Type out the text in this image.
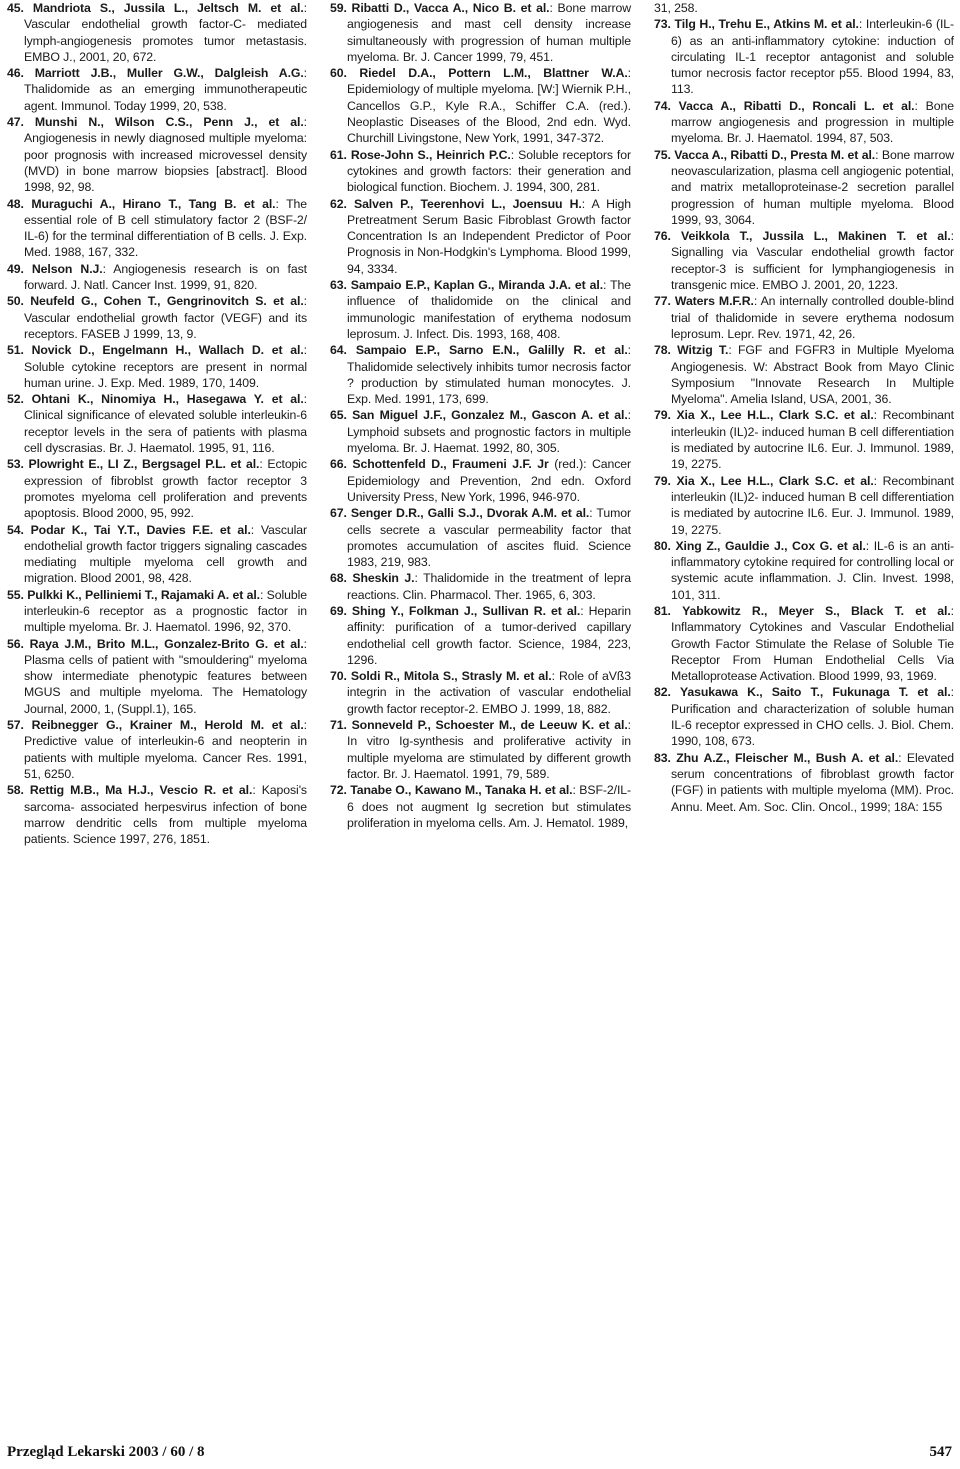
45. Mandriota S., Jussila L., Jeltsch M. et al.: Vascular endothelial growth factor-C- mediated lymph-angiogenesis promotes tumor metastasis. EMBO J., 2001, 20, 672.

46. Marriott J.B., Muller G.W., Dalgleish A.G.: Thalidomide as an emerging immunotherapeutic agent. Immunol. Today 1999, 20, 538.

47. Munshi N., Wilson C.S., Penn J., et al.: Angiogenesis in newly diagnosed multiple myeloma: poor prognosis with increased microvessel density (MVD) in bone marrow biopsies [abstract]. Blood 1998, 92, 98.

48. Muraguchi A., Hirano T., Tang B. et al.: The essential role of B cell stimulatory factor 2 (BSF-2/ IL-6) for the terminal differentiation of B cells. J. Exp. Med. 1988, 167, 332.

49. Nelson N.J.: Angiogenesis research is on fast forward. J. Natl. Cancer Inst. 1999, 91, 820.

50. Neufeld G., Cohen T., Gengrinovitch S. et al.: Vascular endothelial growth factor (VEGF) and its receptors. FASEB J 1999, 13, 9.

51. Novick D., Engelmann H., Wallach D. et al.: Soluble cytokine receptors are present in normal human urine. J. Exp. Med. 1989, 170, 1409.

52. Ohtani K., Ninomiya H., Hasegawa Y. et al.: Clinical significance of elevated soluble interleukin-6 receptor levels in the sera of patients with plasma cell dyscrasias. Br. J. Haematol. 1995, 91, 116.

53. Plowright E., LI Z., Bergsagel P.L. et al.: Ectopic expression of fibroblst growth factor receptor 3 promotes myeloma cell proliferation and prevents apoptosis. Blood 2000, 95, 992.

54. Podar K., Tai Y.T., Davies F.E. et al.: Vascular endothelial growth factor triggers signaling cascades mediating multiple myeloma cell growth and migration. Blood 2001, 98, 428.

55. Pulkki K., Pelliniemi T., Rajamaki A. et al.: Soluble interleukin-6 receptor as a prognostic factor in multiple myeloma. Br. J. Haematol. 1996, 92, 370.

56. Raya J.M., Brito M.L., Gonzalez-Brito G. et al.: Plasma cells of patient with "smouldering" myeloma show intermediate phenotypic features between MGUS and multiple myeloma. The Hematology Journal, 2000, 1, (Suppl.1), 165.

57. Reibnegger G., Krainer M., Herold M. et al.: Predictive value of interleukin-6 and neopterin in patients with multiple myeloma. Cancer Res. 1991, 51, 6250.

58. Rettig M.B., Ma H.J., Vescio R. et al.: Kaposi's sarcoma- associated herpesvirus infection of bone marrow dendritic cells from multiple myeloma patients. Science 1997, 276, 1851.

59. Ribatti D., Vacca A., Nico B. et al.: Bone marrow angiogenesis and mast cell density increase simultaneously with progression of human multiple myeloma. Br. J. Cancer 1999, 79, 451.

60. Riedel D.A., Pottern L.M., Blattner W.A.: Epidemiology of multiple myeloma. [W:] Wiernik P.H., Cancellos G.P., Kyle R.A., Schiffer C.A. (red.). Neoplastic Diseases of the Blood, 2nd edn. Wyd. Churchill Livingstone, New York, 1991, 347-372.

61. Rose-John S., Heinrich P.C.: Soluble receptors for cytokines and growth factors: their generation and biological function. Biochem. J. 1994, 300, 281.

62. Salven P., Teerenhovi L., Joensuu H.: A High Pretreatment Serum Basic Fibroblast Growth factor Concentration Is an Independent Predictor of Poor Prognosis in Non-Hodgkin's Lymphoma. Blood 1999, 94, 3334.

63. Sampaio E.P., Kaplan G., Miranda J.A. et al.: The influence of thalidomide on the clinical and immunologic manifestation of erythema nodosum leprosum. J. Infect. Dis. 1993, 168, 408.

64. Sampaio E.P., Sarno E.N., Galilly R. et al.: Thalidomide selectively inhibits tumor necrosis factor ? production by stimulated human monocytes. J. Exp. Med. 1991, 173, 699.

65. San Miguel J.F., Gonzalez M., Gascon A. et al.: Lymphoid subsets and prognostic factors in multiple myeloma. Br. J. Haemat. 1992, 80, 305.

66. Schottenfeld D., Fraumeni J.F. Jr (red.): Cancer Epidemiology and Prevention, 2nd edn. Oxford University Press, New York, 1996, 946-970.

67. Senger D.R., Galli S.J., Dvorak A.M. et al.: Tumor cells secrete a vascular permeability factor that promotes accumulation of ascites fluid. Science 1983, 219, 983.

68. Sheskin J.: Thalidomide in the treatment of lepra reactions. Clin. Pharmacol. Ther. 1965, 6, 303.

69. Shing Y., Folkman J., Sullivan R. et al.: Heparin affinity: purification of a tumor-derived capillary endothelial cell growth factor. Science, 1984, 223, 1296.

70. Soldi R., Mitola S., Strasly M. et al.: Role of aVß3 integrin in the activation of vascular endothelial growth factor receptor-2. EMBO J. 1999, 18, 882.

71. Sonneveld P., Schoester M., de Leeuw K. et al.: In vitro Ig-synthesis and proliferative activity in multiple myeloma are stimulated by different growth factor. Br. J. Haematol. 1991, 79, 589.

72. Tanabe O., Kawano M., Tanaka H. et al.: BSF-2/IL-6 does not augment Ig secretion but stimulates proliferation in myeloma cells. Am. J. Hematol. 1989,

31, 258.

73. Tilg H., Trehu E., Atkins M. et al.: Interleukin-6 (IL-6) as an anti-inflammatory cytokine: induction of circulating IL-1 receptor antagonist and soluble tumor necrosis factor receptor p55. Blood 1994, 83, 113.

74. Vacca A., Ribatti D., Roncali L. et al.: Bone marrow angiogenesis and progression in multiple myeloma. Br. J. Haematol. 1994, 87, 503.

75. Vacca A., Ribatti D., Presta M. et al.: Bone marrow neovascularization, plasma cell angiogenic potential, and matrix metalloproteinase-2 secretion parallel progression of human multiple myeloma. Blood 1999, 93, 3064.

76. Veikkola T., Jussila L., Makinen T. et al.: Signalling via Vascular endothelial growth factor receptor-3 is sufficient for lymphangiogenesis in transgenic mice. EMBO J. 2001, 20, 1223.

77. Waters M.F.R.: An internally controlled double-blind trial of thalidomide in severe erythema nodosum leprosum. Lepr. Rev. 1971, 42, 26.

78. Witzig T.: FGF and FGFR3 in Multiple Myeloma Angiogenesis. W: Abstract Book from Mayo Clinic Symposium "Innovate Research In Multiple Myeloma". Amelia Island, USA, 2001, 36.

79. Xia X., Lee H.L., Clark S.C. et al.: Recombinant interleukin (IL)2- induced human B cell differentiation is mediated by autocrine IL6. Eur. J. Immunol. 1989, 19, 2275.

79. Xia X., Lee H.L., Clark S.C. et al.: Recombinant interleukin (IL)2- induced human B cell differentiation is mediated by autocrine IL6. Eur. J. Immunol. 1989, 19, 2275.

80. Xing Z., Gauldie J., Cox G. et al.: IL-6 is an anti-inflammatory cytokine required for controlling local or systemic acute inflammation. J. Clin. Invest. 1998, 101, 311.

81. Yabkowitz R., Meyer S., Black T. et al.: Inflammatory Cytokines and Vascular Endothelial Growth Factor Stimulate the Relase of Soluble Tie Receptor From Human Endothelial Cells Via Metalloprotease Activation. Blood 1999, 93, 1969.

82. Yasukawa K., Saito T., Fukunaga T. et al.: Purification and characterization of soluble human IL-6 receptor expressed in CHO cells. J. Biol. Chem. 1990, 108, 673.

83. Zhu A.Z., Fleischer M., Bush A. et al.: Elevated serum concentrations of fibroblast growth factor (FGF) in patients with multiple myeloma (MM). Proc. Annu. Meet. Am. Soc. Clin. Oncol., 1999; 18A: 155

Przegląd Lekarski 2003 / 60 / 8	547
